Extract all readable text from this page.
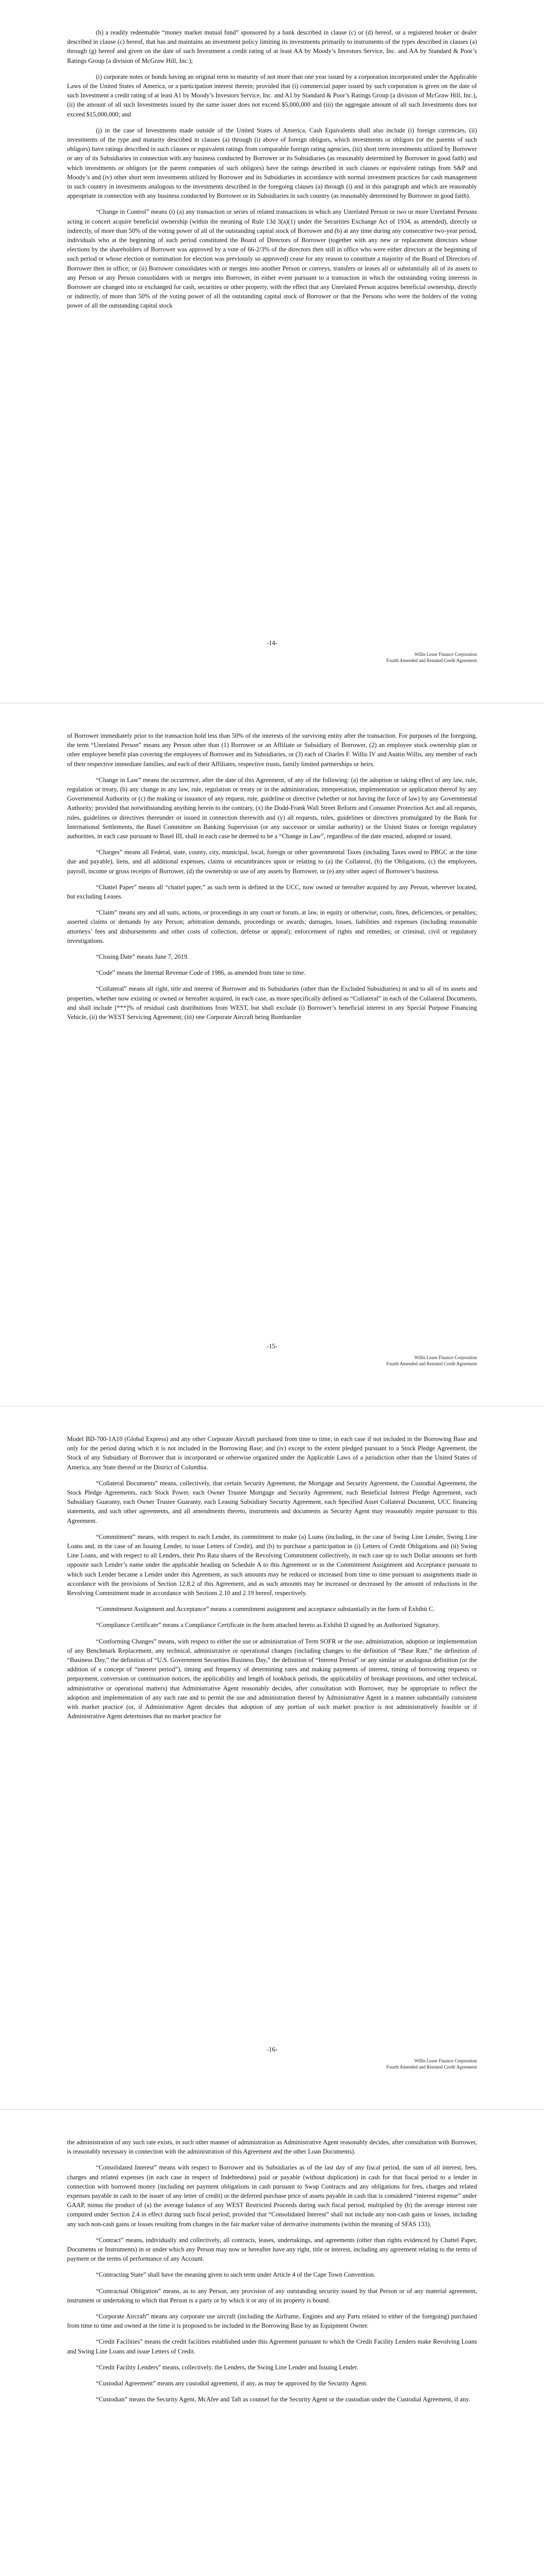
(h) a readily redeemable “money market mutual fund” sponsored by a bank described in clause (c) or (d) hereof, or a registered broker or dealer described in clause (c) hereof, that has and maintains an investment policy limiting its investments primarily to instruments of the types described in clauses (a) through (g) hereof and given on the date of such Investment a credit rating of at least AA by Moody’s Investors Service, Inc. and AA by Standard & Poor’s Ratings Group (a division of McGraw Hill, Inc.);

(i) corporate notes or bonds having an original term to maturity of not more than one year issued by a corporation incorporated under the Applicable Laws of the United States of America, or a participation interest therein; provided that (i) commercial paper issued by such corporation is given on the date of such Investment a credit rating of at least A1 by Moody’s Investors Service, Inc. and A1 by Standard & Poor’s Ratings Group (a division of McGraw Hill, Inc.), (ii) the amount of all such Investments issued by the same issuer does not exceed $5,000,000 and (iii) the aggregate amount of all such Investments does not exceed $15,000,000; and

(j) in the case of Investments made outside of the United States of America, Cash Equivalents shall also include (i) foreign currencies, (ii) investments of the type and maturity described in clauses (a) through (i) above of foreign obligors, which investments or obligors (or the parents of such obligors) have ratings described in such clauses or equivalent ratings from comparable foreign rating agencies, (iii) short term investments utilized by Borrower or any of its Subsidiaries in connection with any business conducted by Borrower or its Subsidiaries (as reasonably determined by Borrower in good faith) and which investments or obligors (or the parent companies of such obligors) have the ratings described in such clauses or equivalent ratings from S&P and Moody’s and (iv) other short term investments utilized by Borrower and its Subsidiaries in accordance with normal investment practices for cash management in such country in investments analogous to the investments described in the foregoing clauses (a) through (i) and in this paragraph and which are reasonably appropriate in connection with any business conducted by Borrower or its Subsidiaries in such country (as reasonably determined by Borrower in good faith).

“Change in Control” means (i) (a) any transaction or series of related transactions in which any Unrelated Person or two or more Unrelated Persons acting in concert acquire beneficial ownership (within the meaning of Rule 13d 3(a)(1) under the Securities Exchange Act of 1934, as amended), directly or indirectly, of more than 50% of the voting power of all of the outstanding capital stock of Borrower and (b) at any time during any consecutive two-year period, individuals who at the beginning of such period constituted the Board of Directors of Borrower (together with any new or replacement directors whose elections by the shareholders of Borrower was approved by a vote of 66-2/3% of the directors then still in office who were either directors at the beginning of such period or whose election or nomination for election was previously so approved) cease for any reason to constitute a majority of the Board of Directors of Borrower then in office; or (ii) Borrower consolidates with or merges into another Person or conveys, transfers or leases all or substantially all of its assets to any Person or any Person consolidates with or merges into Borrower, in either event pursuant to a transaction in which the outstanding voting interests in Borrower are changed into or exchanged for cash, securities or other property, with the effect that any Unrelated Person acquires beneficial ownership, directly or indirectly, of more than 50% of the voting power of all the outstanding capital stock of Borrower or that the Persons who were the holders of the voting power of all the outstanding capital stock

-14-
Willis Lease Finance Corporation
Fourth Amended and Restated Credit Agreement

of Borrower immediately prior to the transaction hold less than 50% of the interests of the surviving entity after the transaction. For purposes of the foregoing, the term “Unrelated Person” means any Person other than (1) Borrower or an Affiliate or Subsidiary of Borrower, (2) an employee stock ownership plan or other employee benefit plan covering the employees of Borrower and its Subsidiaries, or (3) each of Charles F. Willis IV and Austin Willis, any member of each of their respective immediate families, and each of their Affiliates, respective trusts, family limited partnerships or heirs.

“Change in Law” means the occurrence, after the date of this Agreement, of any of the following: (a) the adoption or taking effect of any law, rule, regulation or treaty, (b) any change in any law, rule, regulation or treaty or in the administration, interpretation, implementation or application thereof by any Governmental Authority or (c) the making or issuance of any request, rule, guideline or directive (whether or not having the force of law) by any Governmental Authority; provided that notwithstanding anything herein to the contrary, (x) the Dodd-Frank Wall Street Reform and Consumer Protection Act and all requests, rules, guidelines or directives thereunder or issued in connection therewith and (y) all requests, rules, guidelines or directives promulgated by the Bank for International Settlements, the Basel Committee on Banking Supervision (or any successor or similar authority) or the United States or foreign regulatory authorities, in each case pursuant to Basel III, shall in each case be deemed to be a “Change in Law”, regardless of the date enacted, adopted or issued.

“Charges” means all Federal, state, county, city, municipal, local, foreign or other governmental Taxes (including Taxes owed to PBGC at the time due and payable), liens, and all additional expenses, claims or encumbrances upon or relating to (a) the Collateral, (b) the Obligations, (c) the employees, payroll, income or gross receipts of Borrower, (d) the ownership or use of any assets by Borrower, or (e) any other aspect of Borrower’s business.

“Chattel Paper” means all “chattel paper,” as such term is defined in the UCC, now owned or hereafter acquired by any Person, wherever located, but excluding Leases.

“Claim” means any and all suits, actions, or proceedings in any court or forum, at law, in equity or otherwise; costs, fines, deficiencies, or penalties; asserted claims or demands by any Person; arbitration demands, proceedings or awards; damages, losses, liabilities and expenses (including reasonable attorneys’ fees and disbursements and other costs of collection, defense or appeal); enforcement of rights and remedies; or criminal, civil or regulatory investigations.

“Closing Date” means June 7, 2019.

“Code” means the Internal Revenue Code of 1986, as amended from time to time.

“Collateral” means all right, title and interest of Borrower and its Subsidiaries (other than the Excluded Subsidiaries) in and to all of its assets and properties, whether now existing or owned or hereafter acquired, in each case, as more specifically defined as “Collateral” in each of the Collateral Documents, and shall include [***]% of residual cash distributions from WEST, but shall exclude (i) Borrower’s beneficial interest in any Special Purpose Financing Vehicle, (ii) the WEST Servicing Agreement; (iii) one Corporate Aircraft being Bombardier

-15-
Willis Lease Finance Corporation
Fourth Amended and Restated Credit Agreement

Model BD-700-1A10 (Global Express) and any other Corporate Aircraft purchased from time to time, in each case if not included in the Borrowing Base and only for the period during which it is not included in the Borrowing Base; and (iv) except to the extent pledged pursuant to a Stock Pledge Agreement, the Stock of any Subsidiary of Borrower that is incorporated or otherwise organized under the Applicable Laws of a jurisdiction other than the United States of America, any State thereof or the District of Columbia.

“Collateral Documents” means, collectively, that certain Security Agreement, the Mortgage and Security Agreement, the Custodial Agreement, the Stock Pledge Agreements, each Stock Power, each Owner Trustee Mortgage and Security Agreement, each Beneficial Interest Pledge Agreement, each Subsidiary Guaranty, each Owner Trustee Guaranty, each Leasing Subsidiary Security Agreement, each Specified Asset Collateral Document, UCC financing statements, and such other agreements, and all amendments thereto, instruments and documents as Security Agent may reasonably require pursuant to this Agreement.

“Commitment” means, with respect to each Lender, its commitment to make (a) Loans (including, in the case of Swing Line Lender, Swing Line Loans and, in the case of an Issuing Lender, to issue Letters of Credit), and (b) to purchase a participation in (i) Letters of Credit Obligations and (ii) Swing Line Loans, and with respect to all Lenders, their Pro Rata shares of the Revolving Commitment collectively, in each case up to such Dollar amounts set forth opposite such Lender’s name under the applicable heading on Schedule A to this Agreement or in the Commitment Assignment and Acceptance pursuant to which such Lender became a Lender under this Agreement, as such amounts may be reduced or increased from time to time pursuant to assignments made in accordance with the provisions of Section 12.8.2 of this Agreement, and as such amounts may be increased or decreased by the amount of reductions in the Revolving Commitment made in accordance with Sections 2.10 and 2.19 hereof, respectively.

“Commitment Assignment and Acceptance” means a commitment assignment and acceptance substantially in the form of Exhibit C.

“Compliance Certificate” means a Compliance Certificate in the form attached hereto as Exhibit D signed by an Authorized Signatory.

“Conforming Changes” means, with respect to either the use or administration of Term SOFR or the use, administration, adoption or implementation of any Benchmark Replacement, any technical, administrative or operational changes (including changes to the definition of “Base Rate,” the definition of “Business Day,” the definition of “U.S. Government Securities Business Day,” the definition of “Interest Period” or any similar or analogous definition (or the addition of a concept of “interest period”), timing and frequency of determining rates and making payments of interest, timing of borrowing requests or prepayment, conversion or continuation notices, the applicability and length of lookback periods, the applicability of breakage provisions, and other technical, administrative or operational matters) that Administrative Agent reasonably decides, after consultation with Borrower, may be appropriate to reflect the adoption and implementation of any such rate and to permit the use and administration thereof by Administrative Agent in a manner substantially consistent with market practice (or, if Administrative Agent decides that adoption of any portion of such market practice is not administratively feasible or if Administrative Agent determines that no market practice for

-16-
Willis Lease Finance Corporation
Fourth Amended and Restated Credit Agreement

the administration of any such rate exists, in such other manner of administration as Administrative Agent reasonably decides, after consultation with Borrower, is reasonably necessary in connection with the administration of this Agreement and the other Loan Documents).

“Consolidated Interest” means with respect to Borrower and its Subsidiaries as of the last day of any fiscal period, the sum of all interest, fees, charges and related expenses (in each case in respect of Indebtedness) paid or payable (without duplication) in cash for that fiscal period to a lender in connection with borrowed money (including net payment obligations in cash pursuant to Swap Contracts and any obligations for fees, charges and related expenses payable in cash to the issuer of any letter of credit) or the deferred purchase price of assets payable in cash that is considered “interest expense” under GAAP, minus the product of (a) the average balance of any WEST Restricted Proceeds during such fiscal period, multiplied by (b) the average interest rate computed under Section 2.4 in effect during such fiscal period; provided that “Consolidated Interest” shall not include any non-cash gains or losses, including any such non-cash gains or losses resulting from changes in the fair market value of derivative instruments (within the meaning of SFAS 133).

“Contract” means, individually and collectively, all contracts, leases, undertakings, and agreements (other than rights evidenced by Chattel Paper, Documents or Instruments) in or under which any Person may now or hereafter have any right, title or interest, including any agreement relating to the terms of payment or the terms of performance of any Account.

“Contracting State” shall have the meaning given to such term under Article 4 of the Cape Town Convention.

“Contractual Obligation” means, as to any Person, any provision of any outstanding security issued by that Person or of any material agreement, instrument or undertaking to which that Person is a party or by which it or any of its property is bound.

“Corporate Aircraft” means any corporate use aircraft (including the Airframe, Engines and any Parts related to either of the foregoing) purchased from time to time and owned at the time it is proposed to be included in the Borrowing Base by an Equipment Owner.

“Credit Facilities” means the credit facilities established under this Agreement pursuant to which the Credit Facility Lenders make Revolving Loans and Swing Line Loans and issue Letters of Credit.

“Credit Facility Lenders” means, collectively, the Lenders, the Swing Line Lender and Issuing Lender.

“Custodial Agreement” means any custodial agreement, if any, as may be approved by the Security Agent.

“Custodian” means the Security Agent, McAfee and Taft as counsel for the Security Agent or the custodian under the Custodial Agreement, if any.
